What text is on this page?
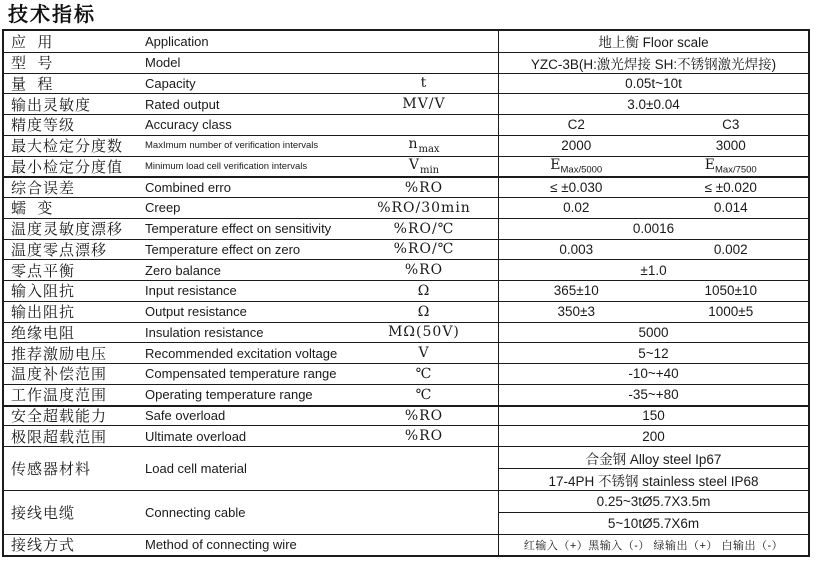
技术指标
应  用	Application	地上衡 Floor scale
型  号	Model	YZC-3B(H:激光焊接 SH:不锈钢激光焊接)
量  程	Capacity	t	0.05t~10t
输出灵敏度	Rated output	MV/V	3.0±0.04
精度等级	Accuracy class	C2	C3
最大检定分度数	MaxImum number of verification intervals	$n_{max}$	2000	3000
最小检定分度值	Minimum load cell verification intervals	$V_{min}$	$E_{Max/5000}$	$E_{Max/7500}$
综合误差	Combined erro	%RO	≤ ±0.030	≤ ±0.020
蠕  变	Creep	%RO/30min	0.02	0.014
温度灵敏度漂移	Temperature effect on sensitivity	%RO/℃	0.0016
温度零点漂移	Temperature effect on zero	%RO/℃	0.003	0.002
零点平衡	Zero balance	%RO	±1.0
输入阻抗	Input resistance	Ω	365±10	1050±10
输出阻抗	Output resistance	Ω	350±3	1000±5
绝缘电阻	Insulation resistance	MΩ(50V)	5000
推荐激励电压	Recommended excitation voltage	V	5~12
温度补偿范围	Compensated temperature range	℃	-10~+40
工作温度范围	Operating temperature range	℃	-35~+80
安全超载能力	Safe overload	%RO	150
极限超载范围	Ultimate overload	%RO	200
传感器材料	Load cell material
合金钢 Alloy steel Ip67
17-4PH 不锈钢 stainless steel IP68
接线电缆	Connecting cable
0.25~3tØ5.7X3.5m
5~10tØ5.7X6m
接线方式	Method of connecting wire	红输入（+）黑输入（-） 绿输出（+） 白输出（-）
